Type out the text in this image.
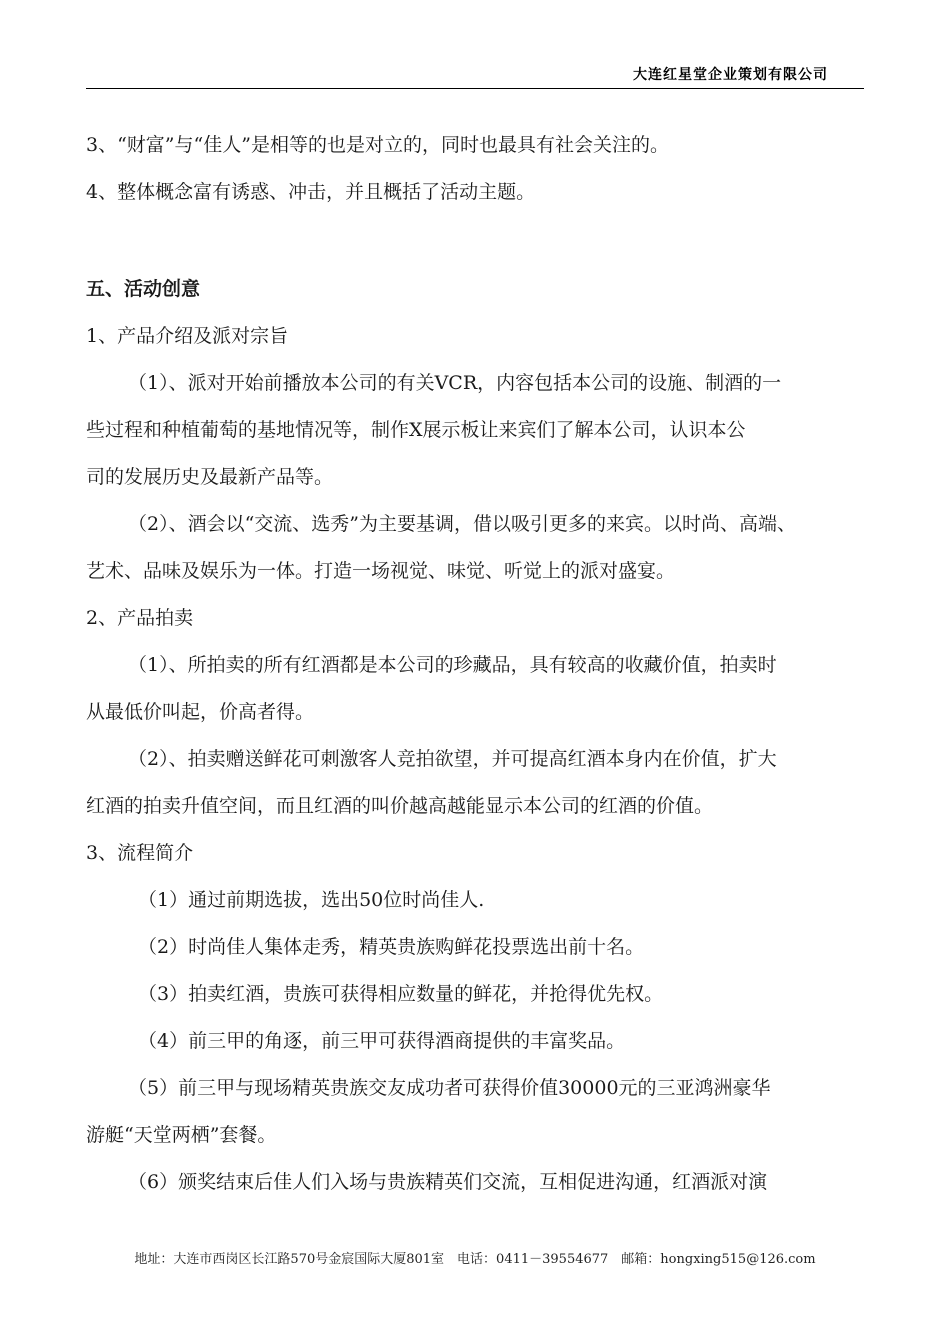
大连红星堂企业策划有限公司
3、“财富”与“佳人”是相等的也是对立的，同时也最具有社会关注的。
4、整体概念富有诱惑、冲击，并且概括了活动主题。
五、活动创意
1、产品介绍及派对宗旨
（1）、派对开始前播放本公司的有关VCR，内容包括本公司的设施、制酒的一
些过程和种植葡萄的基地情况等，制作X展示板让来宾们了解本公司，认识本公
司的发展历史及最新产品等。
（2）、酒会以“交流、选秀”为主要基调，借以吸引更多的来宾。以时尚、高端、
艺术、品味及娱乐为一体。打造一场视觉、味觉、听觉上的派对盛宴。
2、产品拍卖
（1）、所拍卖的所有红酒都是本公司的珍藏品，具有较高的收藏价值，拍卖时
从最低价叫起，价高者得。
（2）、拍卖赠送鲜花可刺激客人竞拍欲望，并可提高红酒本身内在价值，扩大
红酒的拍卖升值空间，而且红酒的叫价越高越能显示本公司的红酒的价值。
3、流程简介
（1）通过前期选拔，选出50位时尚佳人.
（2）时尚佳人集体走秀，精英贵族购鲜花投票选出前十名。
（3）拍卖红酒，贵族可获得相应数量的鲜花，并抢得优先权。
（4）前三甲的角逐，前三甲可获得酒商提供的丰富奖品。
（5）前三甲与现场精英贵族交友成功者可获得价值30000元的三亚鸿洲豪华
游艇“天堂两栖”套餐。
（6）颁奖结束后佳人们入场与贵族精英们交流，互相促进沟通，红酒派对演
地址：大连市西岗区长江路570号金宸国际大厦801室　电话：0411－39554677　邮箱：hongxing515@126.com
